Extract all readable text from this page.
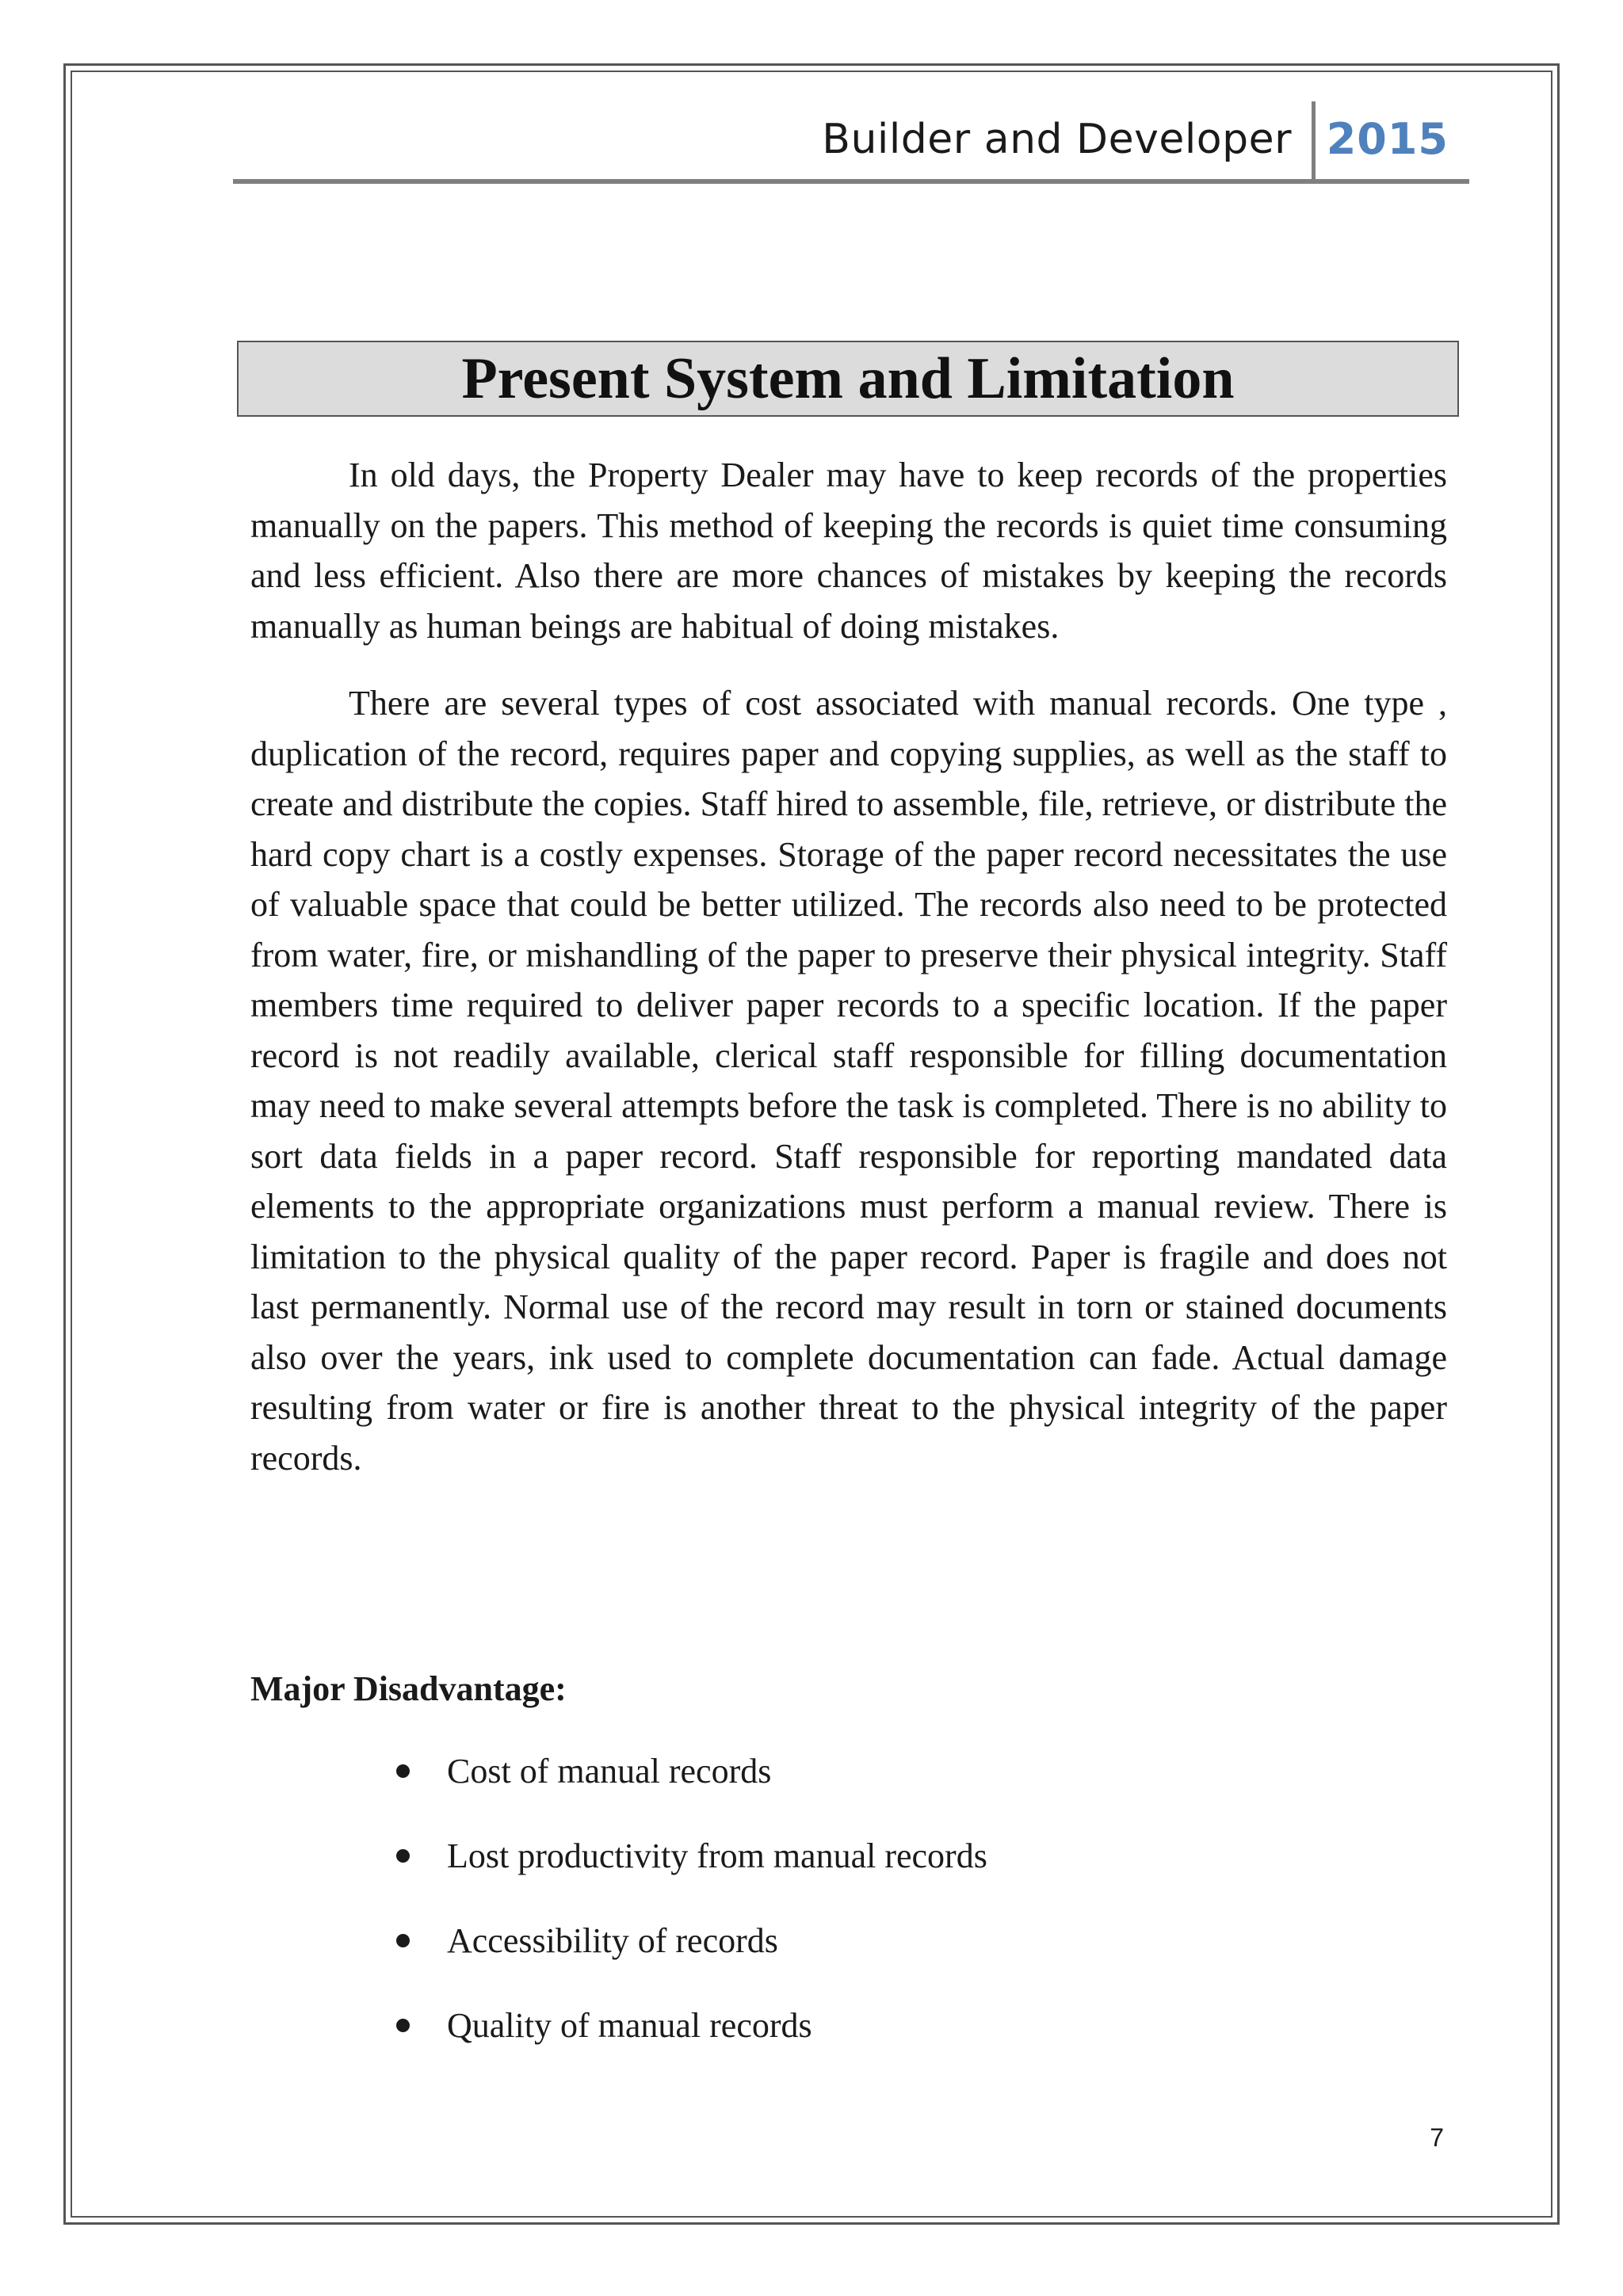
Builder and Developer 2015
Present System and Limitation

In old days, the Property Dealer may have to keep records of the properties manually on the papers. This method of keeping the records is quiet time consuming and less efficient. Also there are more chances of mistakes by keeping the records manually as human beings are habitual of doing mistakes.

There are several types of cost associated with manual records. One type , duplication of the record, requires paper and copying supplies, as well as the staff to create and distribute the copies. Staff hired to assemble, file, retrieve, or distribute the hard copy chart is a costly expenses. Storage of the paper record necessitates the use of valuable space that could be better utilized. The records also need to be protected from water, fire, or mishandling of the paper to preserve their physical integrity. Staff members time required to deliver paper records to a specific location. If the paper record is not readily available, clerical staff responsible for filling documentation may need to make several attempts before the task is completed. There is no ability to sort data fields in a paper record. Staff responsible for reporting mandated data elements to the appropriate organizations must perform a manual review. There is limitation to the physical quality of the paper record. Paper is fragile and does not last permanently. Normal use of the record may result in torn or stained documents also over the years, ink used to complete documentation can fade. Actual damage resulting from water or fire is another threat to the physical integrity of the paper records.

Major Disadvantage:
Cost of manual records
Lost productivity from manual records
Accessibility of records
Quality of manual records
7
